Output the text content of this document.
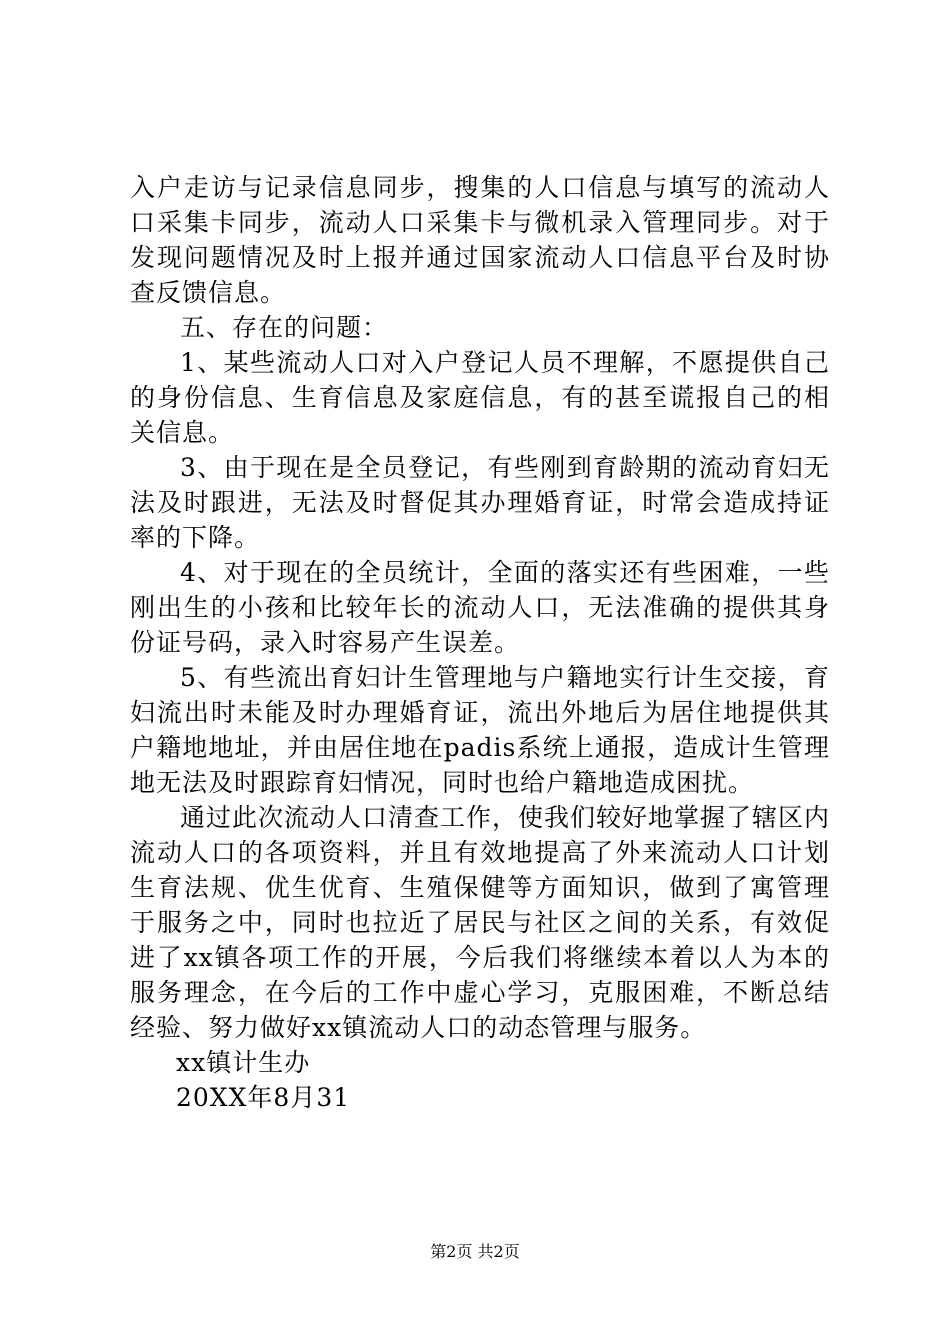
入户走访与记录信息同步，搜集的人口信息与填写的流动人口采集卡同步，流动人口采集卡与微机录入管理同步。对于发现问题情况及时上报并通过国家流动人口信息平台及时协查反馈信息。

五、存在的问题：

1、某些流动人口对入户登记人员不理解，不愿提供自己的身份信息、生育信息及家庭信息，有的甚至谎报自己的相关信息。

3、由于现在是全员登记，有些刚到育龄期的流动育妇无法及时跟进，无法及时督促其办理婚育证，时常会造成持证率的下降。

4、对于现在的全员统计，全面的落实还有些困难，一些刚出生的小孩和比较年长的流动人口，无法准确的提供其身份证号码，录入时容易产生误差。

5、有些流出育妇计生管理地与户籍地实行计生交接，育妇流出时未能及时办理婚育证，流出外地后为居住地提供其户籍地地址，并由居住地在padis系统上通报，造成计生管理地无法及时跟踪育妇情况，同时也给户籍地造成困扰。

通过此次流动人口清查工作，使我们较好地掌握了辖区内流动人口的各项资料，并且有效地提高了外来流动人口计划生育法规、优生优育、生殖保健等方面知识，做到了寓管理于服务之中，同时也拉近了居民与社区之间的关系，有效促进了xx镇各项工作的开展，今后我们将继续本着以人为本的服务理念，在今后的工作中虚心学习，克服困难，不断总结经验、努力做好xx镇流动人口的动态管理与服务。

xx镇计生办

20XX年8月31

第2页 共2页
